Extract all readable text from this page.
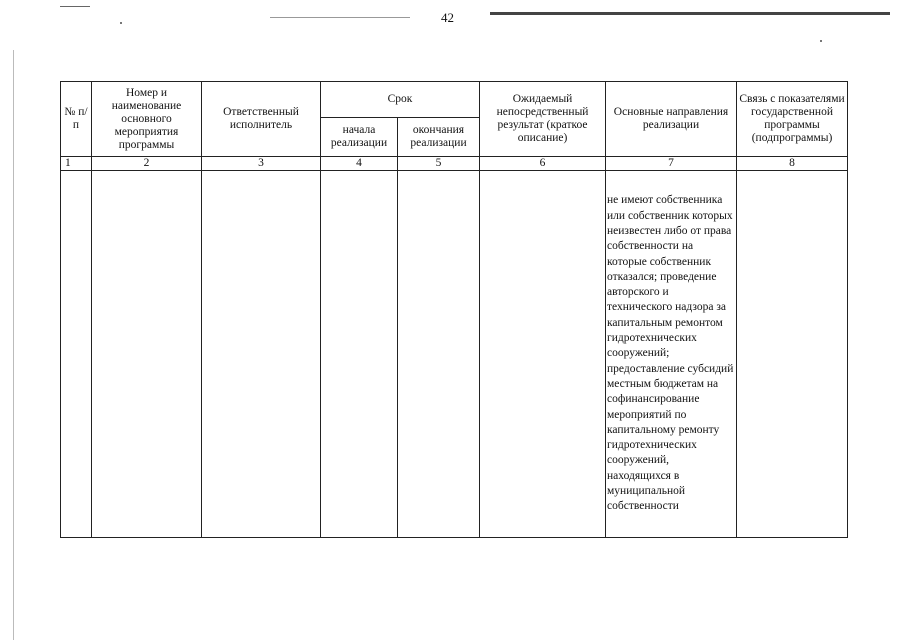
42
№ п/п	Номер и наименование основного мероприятия программы	Ответственный исполнитель	Срок		Ожидаемый непосредственный результат (краткое описание)	Основные направления реализации	Связь с показателями государственной программы (подпрограммы)
			начала реализации	окончания реализации			
1	2	3	4	5	6	7	8
						не имеют собственника или собственник которых неизвестен либо от права собственности на которые собственник отказался; проведение авторского и технического надзора за капитальным ремонтом гидротехнических сооружений; предоставление субсидий местным бюджетам на софинансирование мероприятий по капитальному ремонту гидротехнических сооружений, находящихся в муниципальной собственности	
